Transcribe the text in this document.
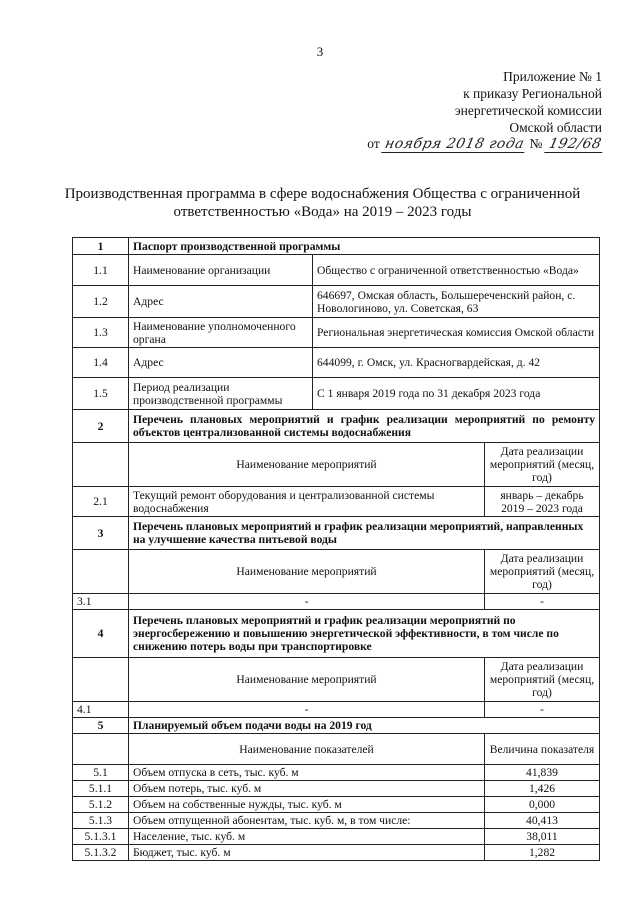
3
Приложение № 1
к приказу Региональной
энергетической комиссии
Омской области
от ноября 2018 года № 192/68
Производственная программа в сфере водоснабжения Общества с ограниченной
ответственностью «Вода» на 2019 – 2023 годы
1	Паспорт производственной программы		
1.1	Наименование организации	Общество с ограниченной ответственностью «Вода»	
1.2	Адрес	646697, Омская область, Большереченский район, с. Новологиново, ул. Советская, 63	
1.3	Наименование уполномоченного органа	Региональная энергетическая комиссия Омской области	
1.4	Адрес	644099, г. Омск, ул. Красногвардейская, д. 42	
1.5	Период реализации производственной программы	С 1 января 2019 года по 31 декабря 2023 года	
2	Перечень плановых мероприятий и график реализации мероприятий по ремонту объектов централизованной системы водоснабжения		
	Наименование мероприятий		Дата реализации мероприятий (месяц, год)
2.1	Текущий ремонт оборудования и централизованной системы водоснабжения		январь – декабрь 2019 – 2023 года
3	Перечень плановых мероприятий и график реализации мероприятий, направленных на улучшение качества питьевой воды		
	Наименование мероприятий		Дата реализации мероприятий (месяц, год)
3.1	-		-
4	Перечень плановых мероприятий и график реализации мероприятий по энергосбережению и повышению энергетической эффективности, в том числе по снижению потерь воды при транспортировке		
	Наименование мероприятий		Дата реализации мероприятий (месяц, год)
4.1	-		-
5	Планируемый объем подачи воды на 2019 год		
	Наименование показателей		Величина показателя
5.1	Объем отпуска в сеть, тыс. куб. м		41,839
5.1.1	Объем потерь, тыс. куб. м		1,426
5.1.2	Объем на собственные нужды, тыс. куб. м		0,000
5.1.3	Объем отпущенной абонентам, тыс. куб. м, в том числе:		40,413
5.1.3.1	Население, тыс. куб. м		38,011
5.1.3.2	Бюджет, тыс. куб. м		1,282
